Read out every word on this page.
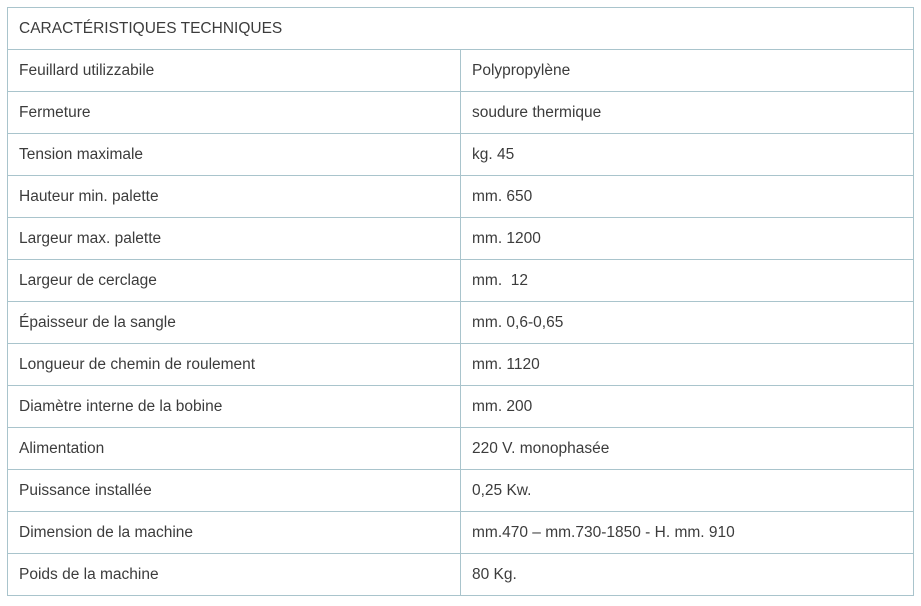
CARACTÉRISTIQUES TECHNIQUES	
Feuillard utilizzabile	Polypropylène
Fermeture	soudure thermique
Tension maximale	kg. 45
Hauteur min. palette	mm. 650
Largeur max. palette	mm. 1200
Largeur de cerclage	mm.  12
Épaisseur de la sangle	mm. 0,6-0,65
Longueur de chemin de roulement	mm. 1120
Diamètre interne de la bobine	mm. 200
Alimentation	220 V. monophasée
Puissance installée	0,25 Kw.
Dimension de la machine	mm.470 – mm.730-1850 - H. mm. 910
Poids de la machine	80 Kg.
